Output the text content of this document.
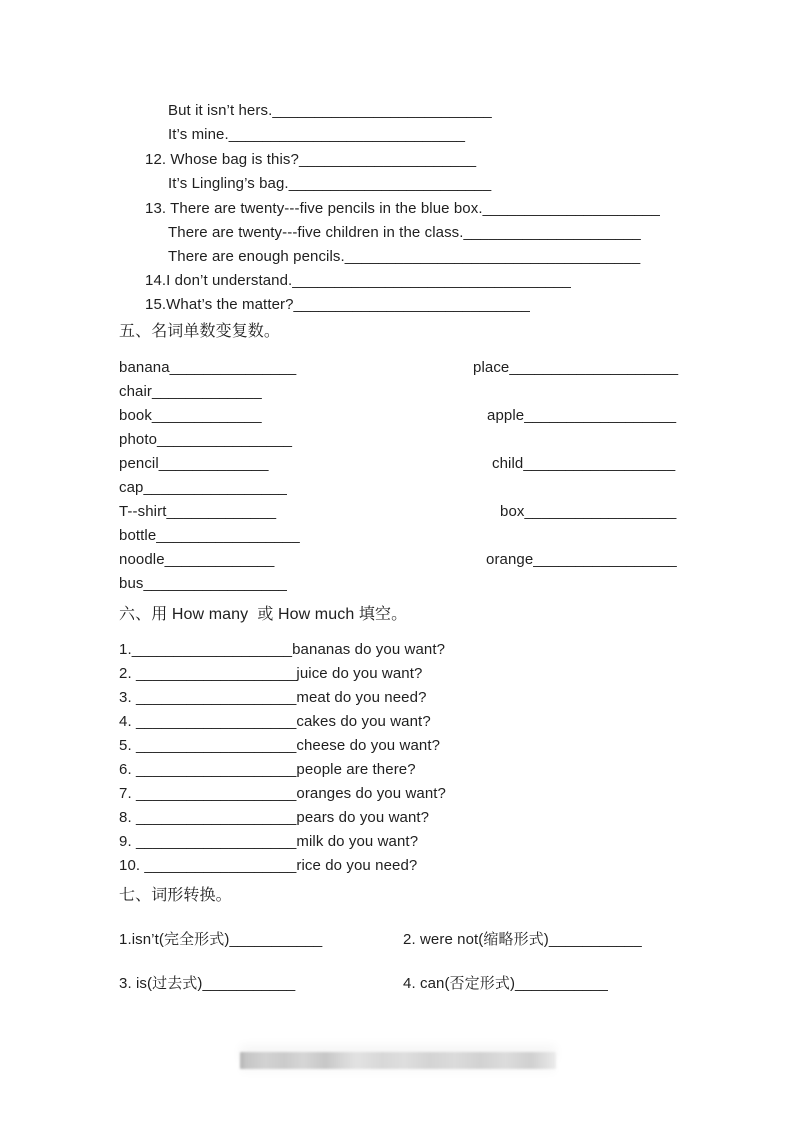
But it isn’t hers.__________________________
It’s mine.____________________________
12. Whose bag is this?_____________________
It’s Lingling’s bag.________________________
13. There are twenty---five pencils in the blue box._____________________
There are twenty---five children in the class._____________________
There are enough pencils.___________________________________
14.I don’t understand._________________________________
15.What’s the matter?____________________________
五、名词单数变复数。
banana_______________	place____________________
chair_____________
book_____________	apple__________________
photo________________
pencil_____________	child__________________
cap_________________
T--shirt_____________	box__________________
bottle_________________
noodle_____________	orange_________________
bus_________________
六、用 How many  或 How much 填空。
1.___________________bananas do you want?
2. ___________________juice do you want?
3. ___________________meat do you need?
4. ___________________cakes do you want?
5. ___________________cheese do you want?
6. ___________________people are there?
7. ___________________oranges do you want?
8. ___________________pears do you want?
9. ___________________milk do you want?
10. __________________rice do you need?
七、词形转换。
1.isn’t(完全形式)___________	2. were not(缩略形式)___________
3. is(过去式)___________	4. can(否定形式)___________
